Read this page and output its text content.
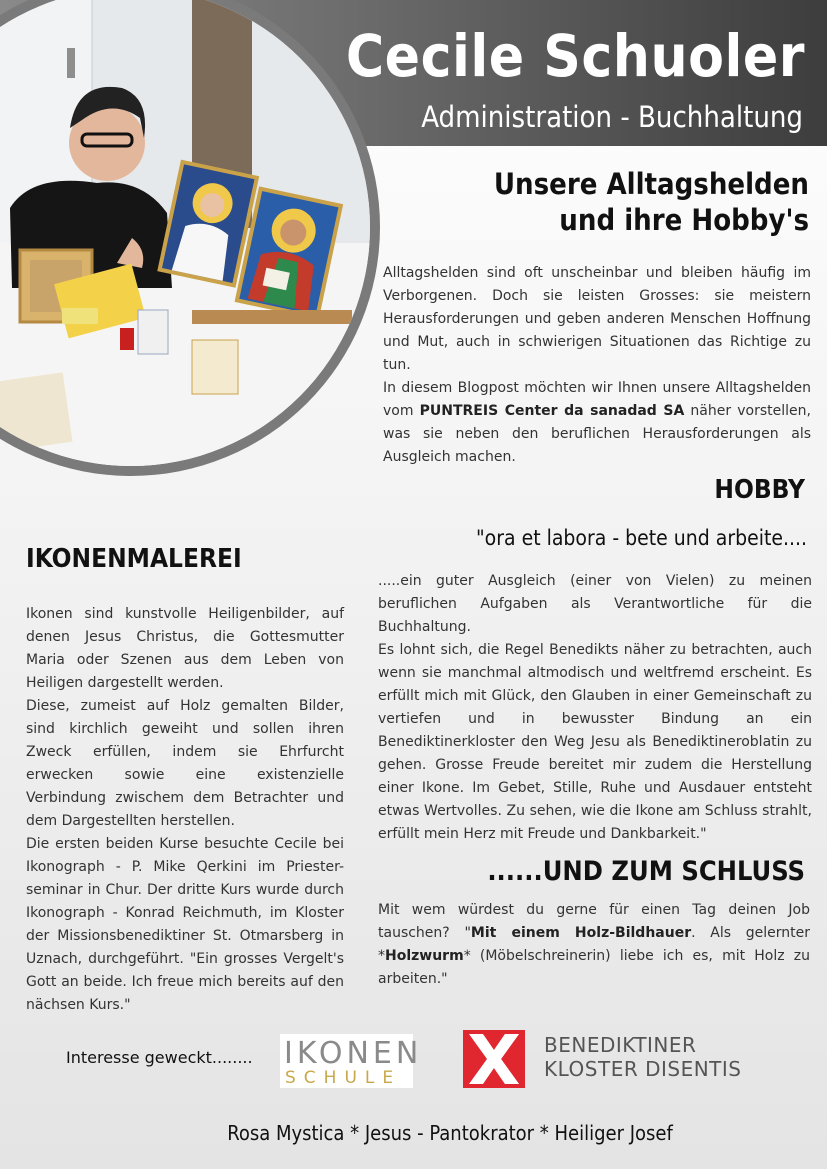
Cecile Schuoler
Administration - Buchhaltung
Unsere Alltagshelden
und ihre Hobby's

Alltagshelden sind oft unscheinbar und bleiben häufig im Verborgenen. Doch sie leisten Grosses: sie meistern Herausforderungen und geben anderen Menschen Hoffnung und Mut, auch in schwierigen Situationen das Richtige zu tun.

In diesem Blogpost möchten wir Ihnen unsere Alltagshelden vom PUNTREIS Center da sanadad SA näher vorstellen, was sie neben den beruflichen Herausforderungen als Ausgleich machen.

HOBBY
"ora et labora - bete und arbeite....
IKONENMALEREI

Ikonen sind kunstvolle Heiligenbilder, auf denen Jesus Christus, die Gottesmutter Maria oder Szenen aus dem Leben von Heiligen dargestellt werden.

Diese, zumeist auf Holz gemalten Bilder, sind kirchlich geweiht und sollen ihren Zweck erfüllen, indem sie Ehrfurcht erwecken sowie eine existenzielle Verbindung zwischem dem Betrachter und dem Dargestellten herstellen.

Die ersten beiden Kurse besuchte Cecile bei Ikonograph - P. Mike Qerkini im Priester-seminar in Chur. Der dritte Kurs wurde durch Ikonograph - Konrad Reichmuth, im Kloster der Missionsbenediktiner St. Otmarsberg in Uznach, durchgeführt. "Ein grosses Vergelt's Gott an beide. Ich freue mich bereits auf den nächsen Kurs."

.....ein guter Ausgleich (einer von Vielen) zu meinen beruflichen Aufgaben als Verantwortliche für die Buchhaltung.

Es lohnt sich, die Regel Benedikts näher zu betrachten, auch wenn sie manchmal altmodisch und weltfremd erscheint. Es erfüllt mich mit Glück, den Glauben in einer Gemeinschaft zu vertiefen und in bewusster Bindung an ein Benediktinerkloster den Weg Jesu als Benediktineroblatin zu gehen. Grosse Freude bereitet mir zudem die Herstellung einer Ikone. Im Gebet, Stille, Ruhe und Ausdauer entsteht etwas Wertvolles. Zu sehen, wie die Ikone am Schluss strahlt, erfüllt mein Herz mit Freude und Dankbarkeit."

......UND ZUM SCHLUSS

Mit wem würdest du gerne für einen Tag deinen Job tauschen? "Mit einem Holz-Bildhauer. Als gelernter *Holzwurm* (Möbelschreinerin) liebe ich es, mit Holz zu arbeiten."

Interesse geweckt........ IKONEN
SCHULE
BENEDIKTINER
KLOSTER DISENTIS
Rosa Mystica * Jesus - Pantokrator * Heiliger Josef
